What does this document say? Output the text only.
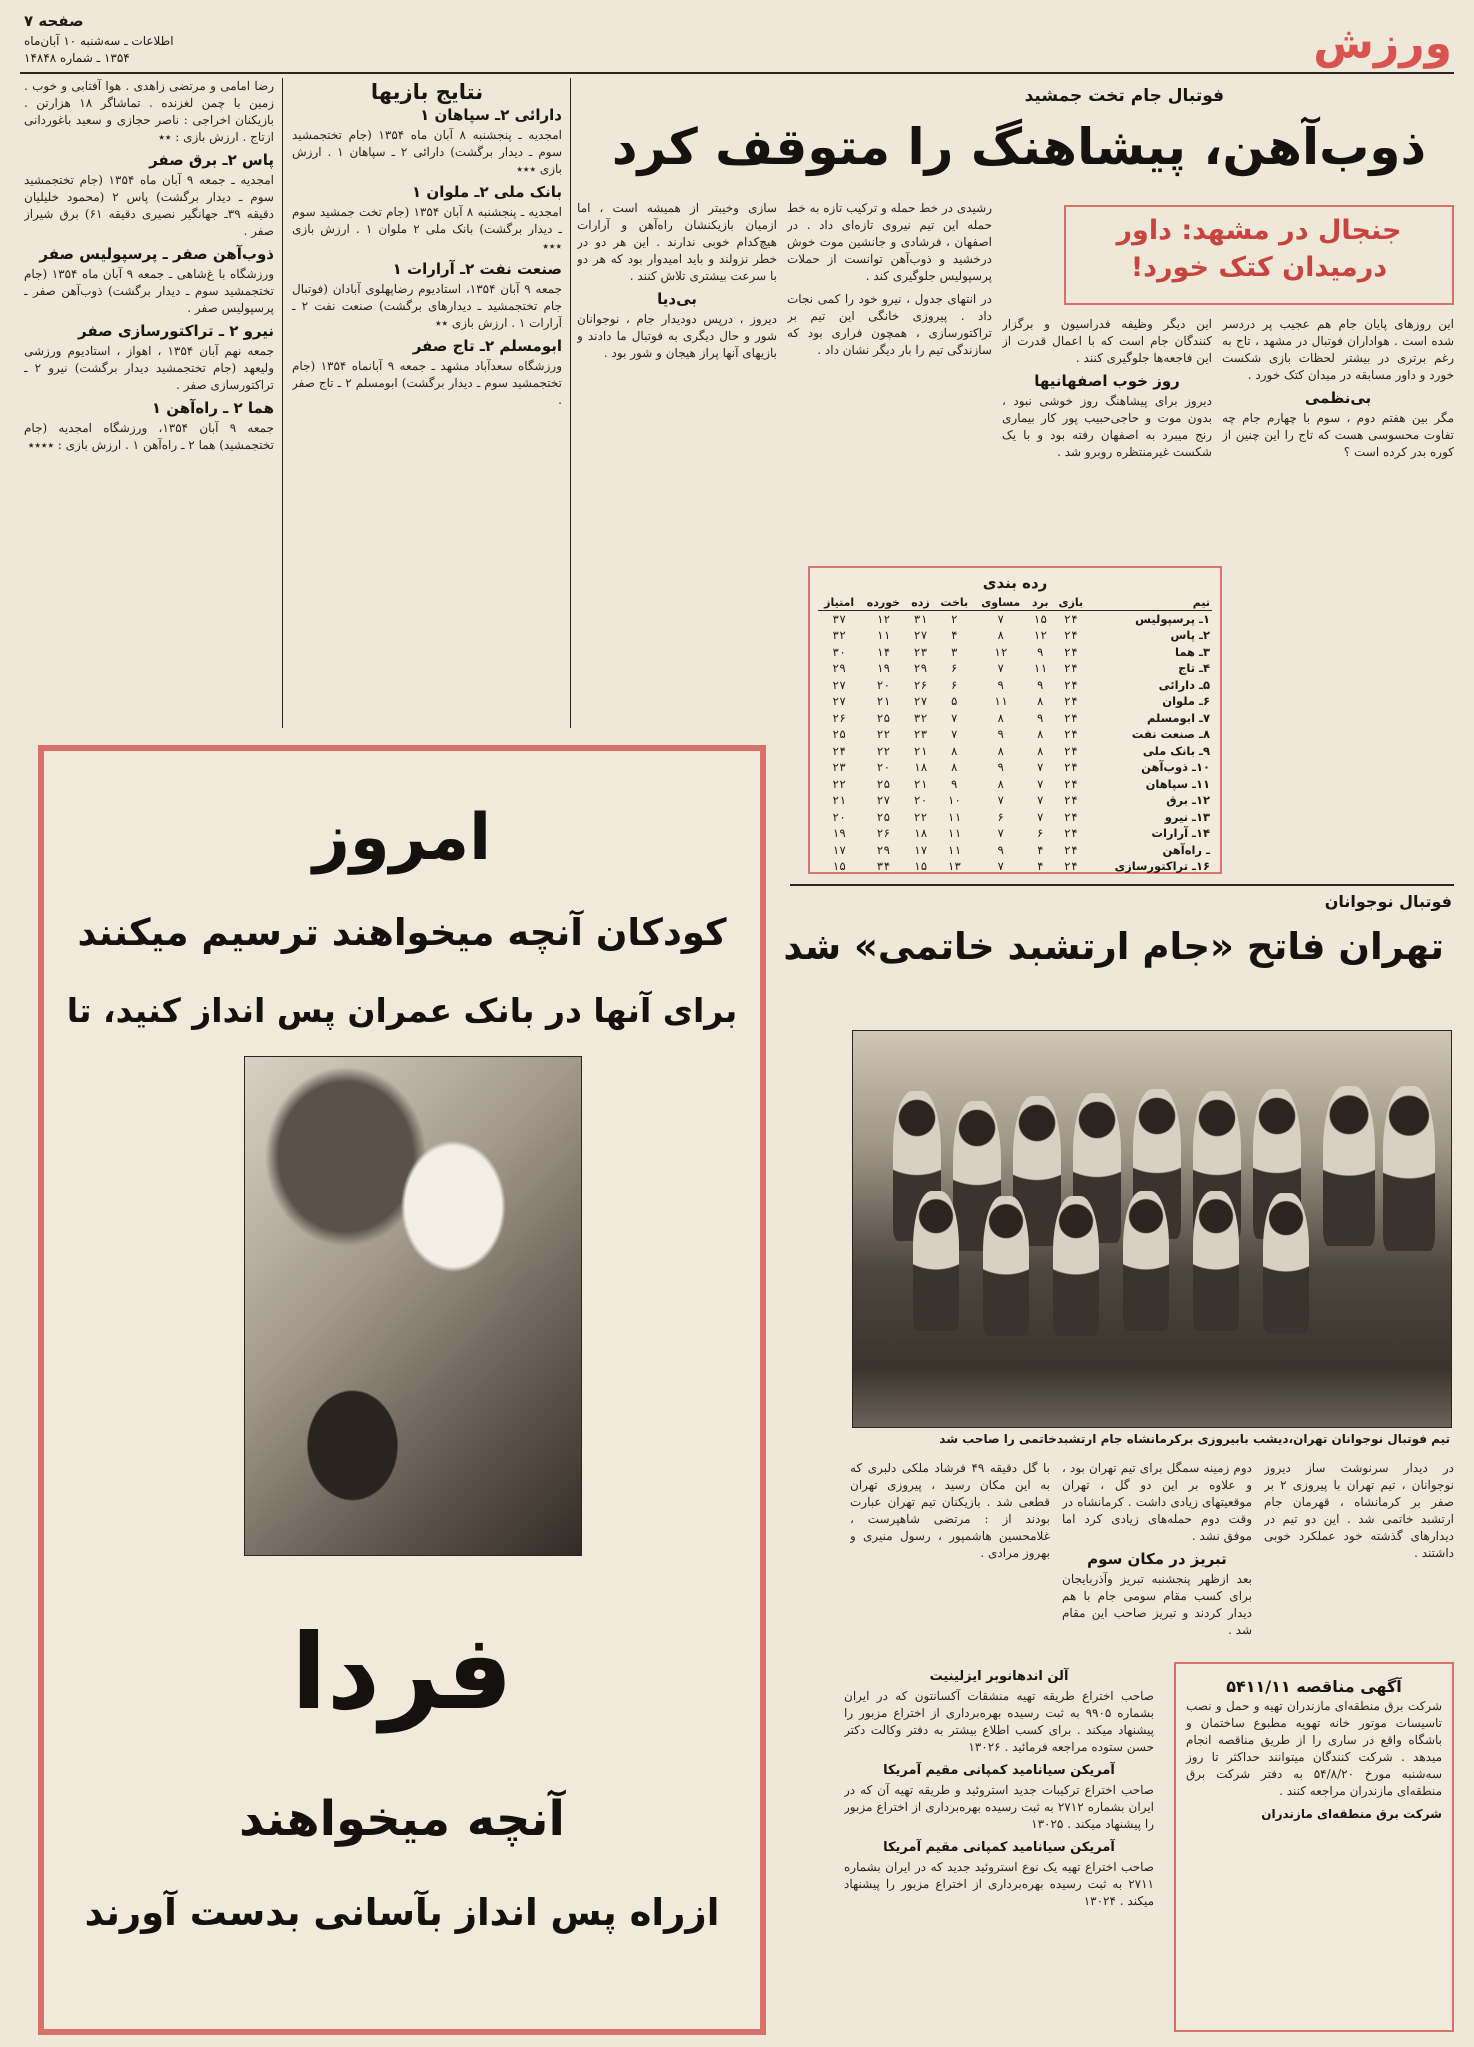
ورزش
صفحه ۷
اطلاعات ـ سه‌شنبه ۱۰ آبان‌ماه
۱۳۵۴ ـ شماره ۱۴۸۴۸

رضا امامی و مرتضی زاهدی . هوا آفتابی و خوب . زمین با چمن لغزنده . تماشاگر ۱۸ هزارتن . بازیکنان اخراجی : ناصر حجازی و سعید باغوردانی ازتاج . ارزش بازی : ٭٭

پاس ۲ـ برق صفر

امجدیه ـ جمعه ۹ آبان ماه ۱۳۵۴ (جام تختجمشید سوم ـ دیدار برگشت) پاس ۲ (محمود خلیلیان دقیقه ۳۹ـ جهانگیر نصیری دقیقه ۶۱) برق شیراز صفر .

ذوب‌آهن صفر ـ پرسپولیس صفر

ورزشگاه با غ‌شاهی ـ جمعه ۹ آبان ماه ۱۳۵۴ (جام تختجمشید سوم ـ دیدار برگشت) ذوب‌آهن صفر ـ پرسپولیس صفر .

نیرو ۲ ـ تراکتورسازی صفر

جمعه نهم آبان ۱۳۵۴ ، اهواز ، استادیوم ورزشی ولیعهد (جام تختجمشید دیدار برگشت) نیرو ۲ ـ تراکتورسازی صفر .

هما ۲ ـ راه‌آهن ۱

جمعه ۹ آبان ۱۳۵۴، ورزشگاه امجدیه (جام تختجمشید) هما ۲ ـ راه‌آهن ۱ . ارزش بازی : ٭٭٭٭

نتایج بازیها
دارائی ۲ـ سپاهان ۱

امجدیه ـ پنجشنبه ۸ آبان ماه ۱۳۵۴ (جام تختجمشید سوم ـ دیدار برگشت) دارائی ۲ ـ سپاهان ۱ . ارزش بازی ٭٭٭

بانک ملی ۲ـ ملوان ۱

امجدیه ـ پنجشنبه ۸ آبان ۱۳۵۴ (جام تخت جمشید سوم ـ دیدار برگشت) بانک ملی ۲ ملوان ۱ . ارزش بازی ٭٭٭

صنعت نفت ۲ـ آرارات ۱

جمعه ۹ آبان ۱۳۵۴، استادیوم رضاپهلوی آبادان (فوتبال جام تختجمشید ـ دیدارهای برگشت) صنعت نفت ۲ ـ آرارات ۱ . ارزش بازی ٭٭

ابومسلم ۲ـ تاج صفر

ورزشگاه سعدآباد مشهد ـ جمعه ۹ آبانماه ۱۳۵۴ (جام تختجمشید سوم ـ دیدار برگشت) ابومسلم ۲ ـ تاج صفر .

فوتبال جام تخت جمشید
ذوب‌آهن، پیشاهنگ را متوقف کرد
جنجال در مشهد: داور
درمیدان کتک خورد!

این روزهای پایان جام هم عجیب پر دردسر شده است . هواداران فوتبال در مشهد ، تاج به رغم برتری در بیشتر لحظات بازی شکست خورد و داور مسابقه در میدان کتک خورد .

بی‌نظمی

مگر بین هفتم دوم ، سوم با چهارم جام چه تفاوت محسوسی هست که تاج را این چنین از کوره بدر کرده است ؟

این دیگر وظیفه فدراسیون و برگزار کنندگان جام است که با اعمال قدرت از این فاجعه‌ها جلوگیری کنند .

روز خوب اصفهانیها

دیروز برای پیشاهنگ روز خوشی نبود ، بدون موت و حاجی‌حبیب پور کار بیماری رنج میبرد به اصفهان رفته بود و با یک شکست غیرمنتظره روبرو شد .

رشیدی در خط حمله و ترکیب تازه به خط حمله این تیم نیروی تازه‌ای داد . در اصفهان ، فرشادی و جانشین موت خوش درخشید و ذوب‌آهن توانست از حملات پرسپولیس جلوگیری کند .

در انتهای جدول ، نیرو خود را کمی نجات داد . پیروزی خانگی این تیم بر تراکتورسازی ، همچون فراری بود که سازندگی تیم را بار دیگر نشان داد .

سازی وخیبتر از همیشه است ، اما ازمیان بازیکنشان راه‌آهن و آرارات هیچ‌کدام خوبی ندارند . این هر دو در خطر نزولند و باید امیدوار بود که هر دو با سرعت بیشتری تلاش کنند .

بی‌دیا

دیروز ، درپس دودیدار جام ، نوجوانان شور و حال دیگری به فوتبال ما دادند و بازیهای آنها پراز هیجان و شور بود .

رده بندی
تیم	بازی	برد	مساوی	باخت	زده	خورده	امتیاز
۱ـ پرسپولیس	۲۴	۱۵	۷	۲	۳۱	۱۲	۳۷
۲ـ پاس	۲۴	۱۲	۸	۴	۲۷	۱۱	۳۲
۳ـ هما	۲۴	۹	۱۲	۳	۲۳	۱۴	۳۰
۴ـ تاج	۲۴	۱۱	۷	۶	۲۹	۱۹	۲۹
۵ـ دارائی	۲۴	۹	۹	۶	۲۶	۲۰	۲۷
۶ـ ملوان	۲۴	۸	۱۱	۵	۲۷	۲۱	۲۷
۷ـ ابومسلم	۲۴	۹	۸	۷	۳۲	۲۵	۲۶
۸ـ صنعت نفت	۲۴	۸	۹	۷	۲۳	۲۲	۲۵
۹ـ بانک ملی	۲۴	۸	۸	۸	۲۱	۲۲	۲۴
۱۰ـ ذوب‌آهن	۲۴	۷	۹	۸	۱۸	۲۰	۲۳
۱۱ـ سپاهان	۲۴	۷	۸	۹	۲۱	۲۵	۲۲
۱۲ـ برق	۲۴	۷	۷	۱۰	۲۰	۲۷	۲۱
۱۳ـ نیرو	۲۴	۷	۶	۱۱	۲۲	۲۵	۲۰
۱۴ـ آرارات	۲۴	۶	۷	۱۱	۱۸	۲۶	۱۹
ـ راه‌آهن	۲۴	۴	۹	۱۱	۱۷	۲۹	۱۷
۱۶ـ تراکتورسازی	۲۴	۴	۷	۱۳	۱۵	۳۴	۱۵
امروز
کودکان آنچه میخواهند ترسیم میکنند
برای آنها در بانک عمران پس انداز کنید، تا
فردا
آنچه میخواهند
ازراه پس انداز بآسانی بدست آورند
فوتبال نوجوانان
تهران فاتح «جام ارتشبد خاتمی» شد
تیم فوتبال نوجوانان تهران،دیشب بابیروزی برکرمانشاه جام ارتشبدخاتمی را صاحب شد

در دیدار سرنوشت ساز دیروز نوجوانان ، تیم تهران با پیروزی ۲ بر صفر بر کرمانشاه ، قهرمان جام ارتشبد خاتمی شد . این دو تیم در دیدارهای گذشته خود عملکرد خوبی داشتند .

دوم زمینه سمگل برای تیم تهران بود ، و علاوه بر این دو گل ، تهران موقعیتهای زیادی داشت . کرمانشاه در وقت دوم حمله‌های زیادی کرد اما موفق نشد .

تبریز در مکان سوم

بعد ازظهر پنجشنبه تبریز وآذربایجان برای کسب مقام سومی جام با هم دیدار کردند و تبریز صاحب این مقام شد .

با گل دقیقه ۴۹ فرشاد ملکی دلبری که به این مکان رسید ، پیروزی تهران قطعی شد . بازیکنان تیم تهران عبارت بودند از : مرتضی شاهپرست ، غلامحسین هاشمپور ، رسول منیری و بهروز مرادی .

آگهی مناقصه ۵۴۱۱/۱۱

شرکت برق منطقه‌ای مازندران تهیه و حمل و نصب تاسیسات موتور خانه تهویه مطبوع ساختمان و باشگاه واقع در ساری را از طریق مناقصه انجام میدهد . شرکت کنندگان میتوانند حداکثر تا روز سه‌شنبه مورخ ۵۴/۸/۲۰ به دفتر شرکت برق منطقه‌ای مازندران مراجعه کنند .

شرکت برق منطقه‌ای مازندران
آلن اندهانوبر ایزلینیت

صاحب اختراع طریقه تهیه منشقات آکسانتون که در ایران بشماره ۹۹۰۵ به ثبت رسیده بهره‌برداری از اختراع مزبور را پیشنهاد میکند . برای کسب اطلاع بیشتر به دفتر وکالت دکتر حسن ستوده مراجعه فرمائید . ۱۳۰۲۶

آمریکن سیانامید کمپانی مقیم آمریکا

صاحب اختراع ترکیبات جدید استروئید و طریقه تهیه آن که در ایران بشماره ۲۷۱۲ به ثبت رسیده بهره‌برداری از اختراع مزبور را پیشنهاد میکند . ۱۳۰۲۵

آمریکن سیانامید کمپانی مقیم آمریکا

صاحب اختراع تهیه یک نوع استروئید جدید که در ایران بشماره ۲۷۱۱ به ثبت رسیده بهره‌برداری از اختراع مزبور را پیشنهاد میکند . ۱۳۰۲۴
